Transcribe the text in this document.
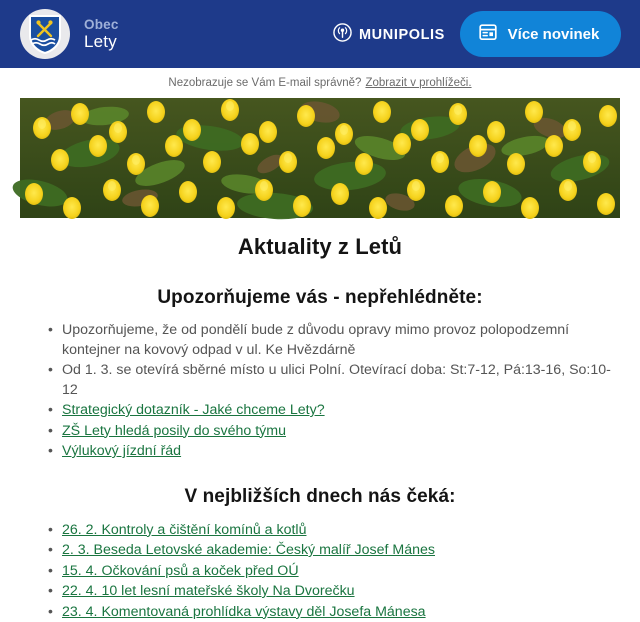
Obec
Lety	MUNIPOLIS	Více novinek
Nezobrazuje se Vám E-mail správně? Zobrazit v prohlížeči.
Aktuality z Letů
Upozorňujeme vás - nepřehlédněte:
• Upozorňujeme, že od pondělí bude z důvodu opravy mimo provoz polopodzemní kontejner na kovový odpad v ul. Ke Hvězdárně
• Od 1. 3. se otevírá sběrné místo u ulici Polní. Otevírací doba: St:7-12, Pá:13-16, So:10-12
• Strategický dotazník - Jaké chceme Lety?
• ZŠ Lety hledá posily do svého týmu
• Výlukový jízdní řád
V nejbližších dnech nás čeká:
• 26. 2. Kontroly a čištění komínů a kotlů
• 2. 3. Beseda Letovské akademie: Český malíř Josef Mánes
• 15. 4. Očkování psů a koček před OÚ
• 22. 4. 10 let lesní mateřské školy Na Dvorečku
• 23. 4. Komentovaná prohlídka výstavy děl Josefa Mánesa
